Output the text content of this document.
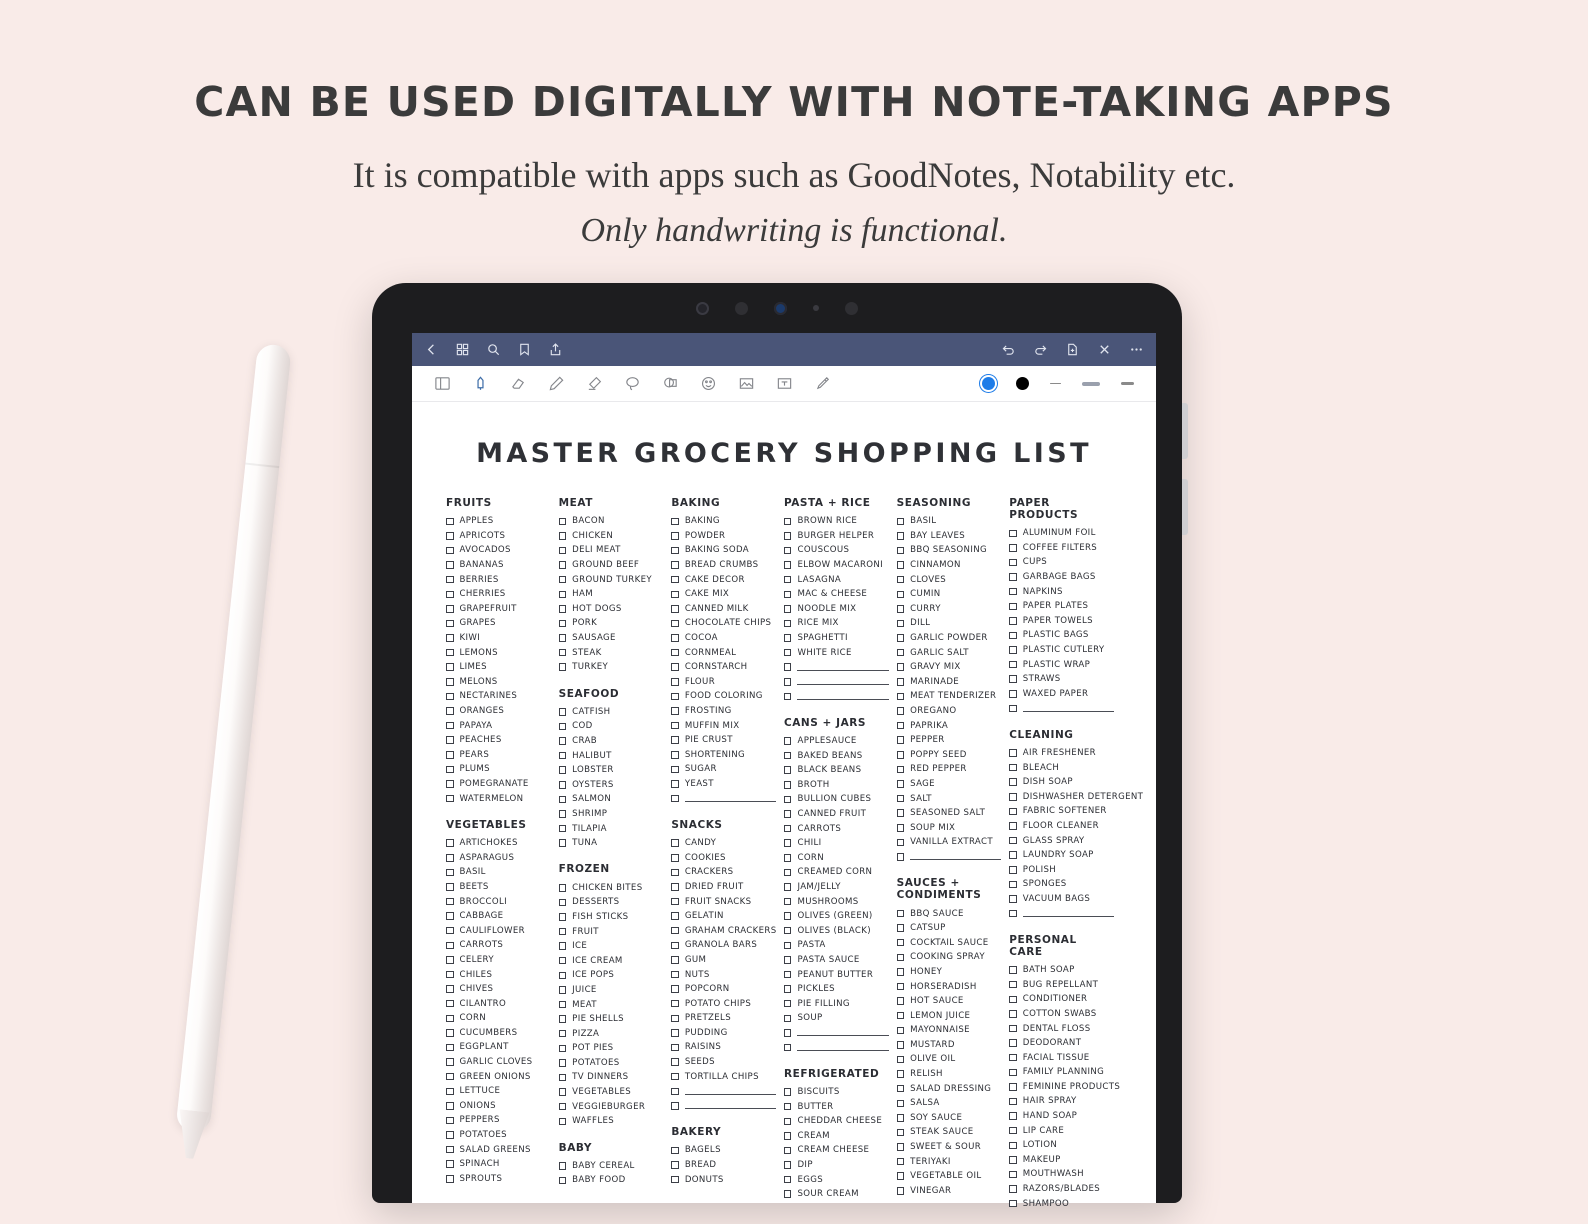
CAN BE USED DIGITALLY WITH NOTE-TAKING APPS
It is compatible with apps such as GoodNotes, Notability etc.
Only handwriting is functional.
MASTER GROCERY SHOPPING LIST
FRUITS
APPLES
APRICOTS
AVOCADOS
BANANAS
BERRIES
CHERRIES
GRAPEFRUIT
GRAPES
KIWI
LEMONS
LIMES
MELONS
NECTARINES
ORANGES
PAPAYA
PEACHES
PEARS
PLUMS
POMEGRANATE
WATERMELON
VEGETABLES
ARTICHOKES
ASPARAGUS
BASIL
BEETS
BROCCOLI
CABBAGE
CAULIFLOWER
CARROTS
CELERY
CHILES
CHIVES
CILANTRO
CORN
CUCUMBERS
EGGPLANT
GARLIC CLOVES
GREEN ONIONS
LETTUCE
ONIONS
PEPPERS
POTATOES
SALAD GREENS
SPINACH
SPROUTS
MEAT
BACON
CHICKEN
DELI MEAT
GROUND BEEF
GROUND TURKEY
HAM
HOT DOGS
PORK
SAUSAGE
STEAK
TURKEY
SEAFOOD
CATFISH
COD
CRAB
HALIBUT
LOBSTER
OYSTERS
SALMON
SHRIMP
TILAPIA
TUNA
FROZEN
CHICKEN BITES
DESSERTS
FISH STICKS
FRUIT
ICE
ICE CREAM
ICE POPS
JUICE
MEAT
PIE SHELLS
PIZZA
POT PIES
POTATOES
TV DINNERS
VEGETABLES
VEGGIEBURGER
WAFFLES
BABY
BABY CEREAL
BABY FOOD
BAKING
BAKING
POWDER
BAKING SODA
BREAD CRUMBS
CAKE DECOR
CAKE MIX
CANNED MILK
CHOCOLATE CHIPS
COCOA
CORNMEAL
CORNSTARCH
FLOUR
FOOD COLORING
FROSTING
MUFFIN MIX
PIE CRUST
SHORTENING
SUGAR
YEAST
SNACKS
CANDY
COOKIES
CRACKERS
DRIED FRUIT
FRUIT SNACKS
GELATIN
GRAHAM CRACKERS
GRANOLA BARS
GUM
NUTS
POPCORN
POTATO CHIPS
PRETZELS
PUDDING
RAISINS
SEEDS
TORTILLA CHIPS
BAKERY
BAGELS
BREAD
DONUTS
PASTA + RICE
BROWN RICE
BURGER HELPER
COUSCOUS
ELBOW MACARONI
LASAGNA
MAC & CHEESE
NOODLE MIX
RICE MIX
SPAGHETTI
WHITE RICE
CANS + JARS
APPLESAUCE
BAKED BEANS
BLACK BEANS
BROTH
BULLION CUBES
CANNED FRUIT
CARROTS
CHILI
CORN
CREAMED CORN
JAM/JELLY
MUSHROOMS
OLIVES (GREEN)
OLIVES (BLACK)
PASTA
PASTA SAUCE
PEANUT BUTTER
PICKLES
PIE FILLING
SOUP
REFRIGERATED
BISCUITS
BUTTER
CHEDDAR CHEESE
CREAM
CREAM CHEESE
DIP
EGGS
SOUR CREAM
SEASONING
BASIL
BAY LEAVES
BBQ SEASONING
CINNAMON
CLOVES
CUMIN
CURRY
DILL
GARLIC POWDER
GARLIC SALT
GRAVY MIX
MARINADE
MEAT TENDERIZER
OREGANO
PAPRIKA
PEPPER
POPPY SEED
RED PEPPER
SAGE
SALT
SEASONED SALT
SOUP MIX
VANILLA EXTRACT
SAUCES + CONDIMENTS
BBQ SAUCE
CATSUP
COCKTAIL SAUCE
COOKING SPRAY
HONEY
HORSERADISH
HOT SAUCE
LEMON JUICE
MAYONNAISE
MUSTARD
OLIVE OIL
RELISH
SALAD DRESSING
SALSA
SOY SAUCE
STEAK SAUCE
SWEET & SOUR
TERIYAKI
VEGETABLE OIL
VINEGAR
PAPER PRODUCTS
ALUMINUM FOIL
COFFEE FILTERS
CUPS
GARBAGE BAGS
NAPKINS
PAPER PLATES
PAPER TOWELS
PLASTIC BAGS
PLASTIC CUTLERY
PLASTIC WRAP
STRAWS
WAXED PAPER
CLEANING
AIR FRESHENER
BLEACH
DISH SOAP
DISHWASHER DETERGENT
FABRIC SOFTENER
FLOOR CLEANER
GLASS SPRAY
LAUNDRY SOAP
POLISH
SPONGES
VACUUM BAGS
PERSONAL CARE
BATH SOAP
BUG REPELLANT
CONDITIONER
COTTON SWABS
DENTAL FLOSS
DEODORANT
FACIAL TISSUE
FAMILY PLANNING
FEMININE PRODUCTS
HAIR SPRAY
HAND SOAP
LIP CARE
LOTION
MAKEUP
MOUTHWASH
RAZORS/BLADES
SHAMPOO
